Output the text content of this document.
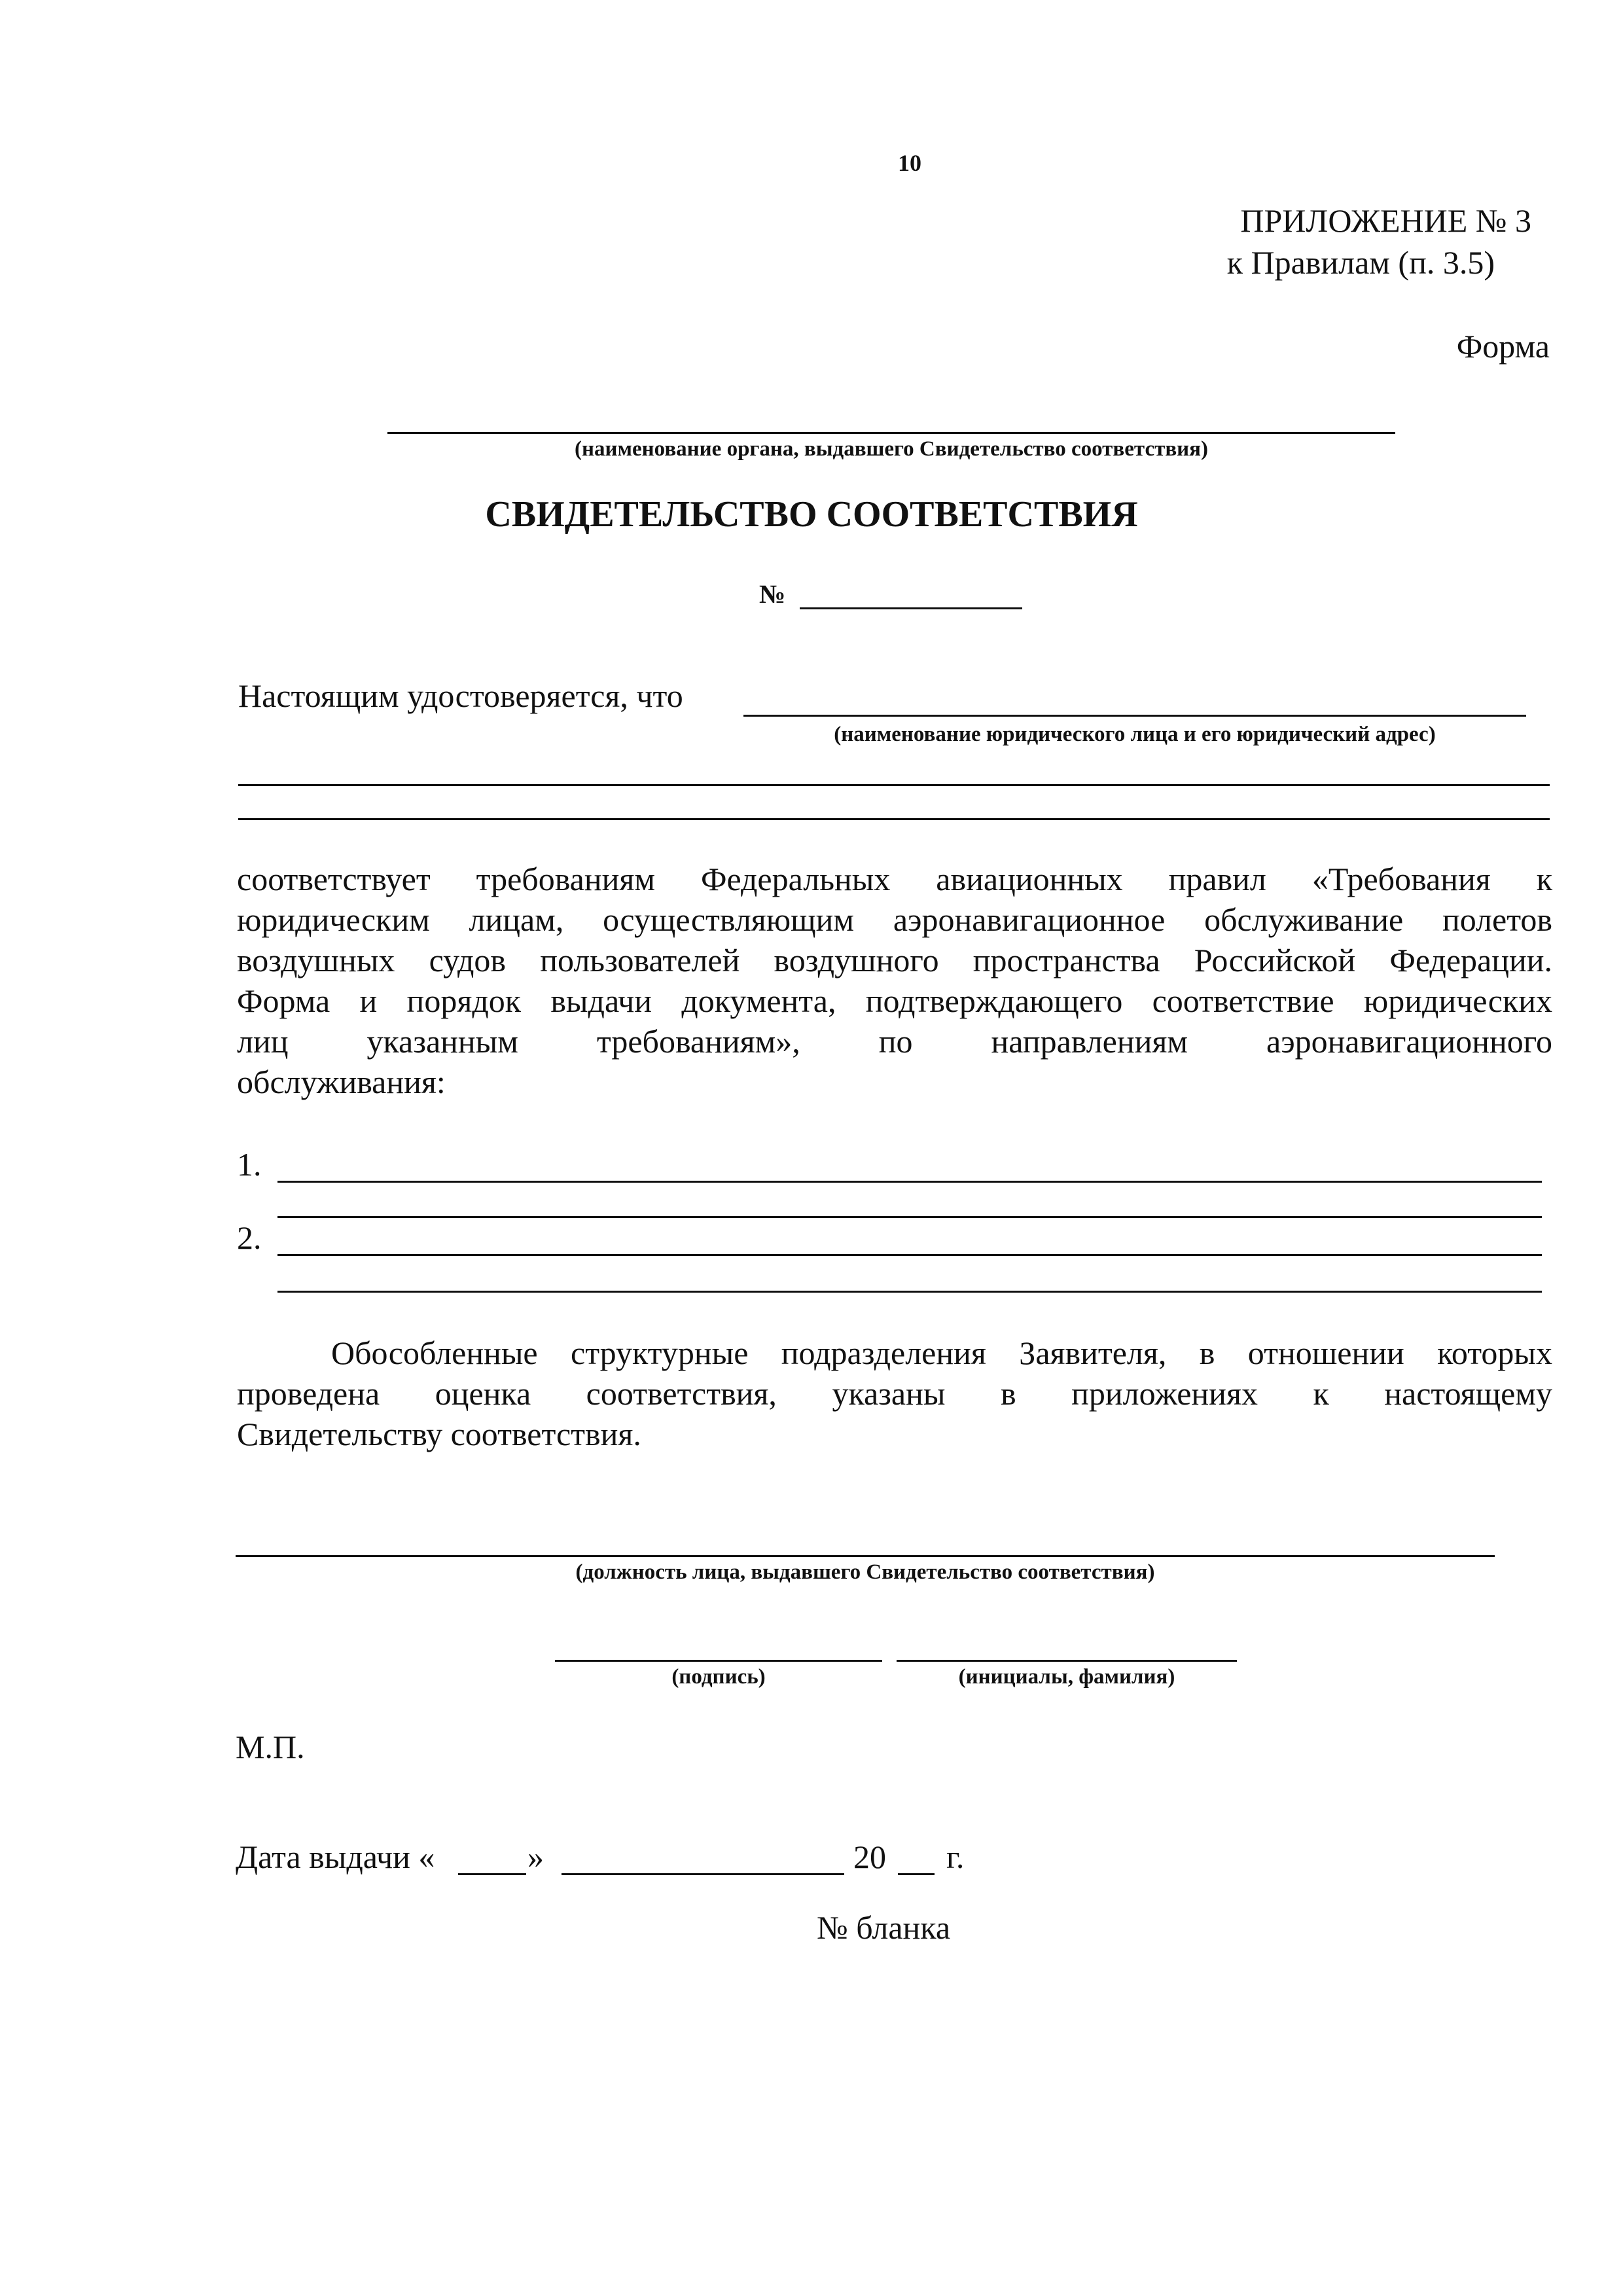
10
ПРИЛОЖЕНИЕ № 3
к Правилам (п. 3.5)
Форма
(наименование органа, выдавшего Свидетельство соответствия)
СВИДЕТЕЛЬСТВО СООТВЕТСТВИЯ
№
Настоящим удостоверяется, что
(наименование юридического лица и его юридический адрес)
соответствует требованиям Федеральных авиационных правил «Требования к
юридическим лицам, осуществляющим аэронавигационное обслуживание полетов
воздушных судов пользователей воздушного пространства Российской Федерации.
Форма и порядок выдачи документа, подтверждающего соответствие юридических
лиц указанным требованиям», по направлениям аэронавигационного
обслуживания:
1.
2.
Обособленные структурные подразделения Заявителя, в отношении которых
проведена оценка соответствия, указаны в приложениях к настоящему
Свидетельству соответствия.
(должность лица, выдавшего Свидетельство соответствия)
(подпись)	(инициалы, фамилия)
М.П.
Дата выдачи «	»	20 г.
№ бланка
